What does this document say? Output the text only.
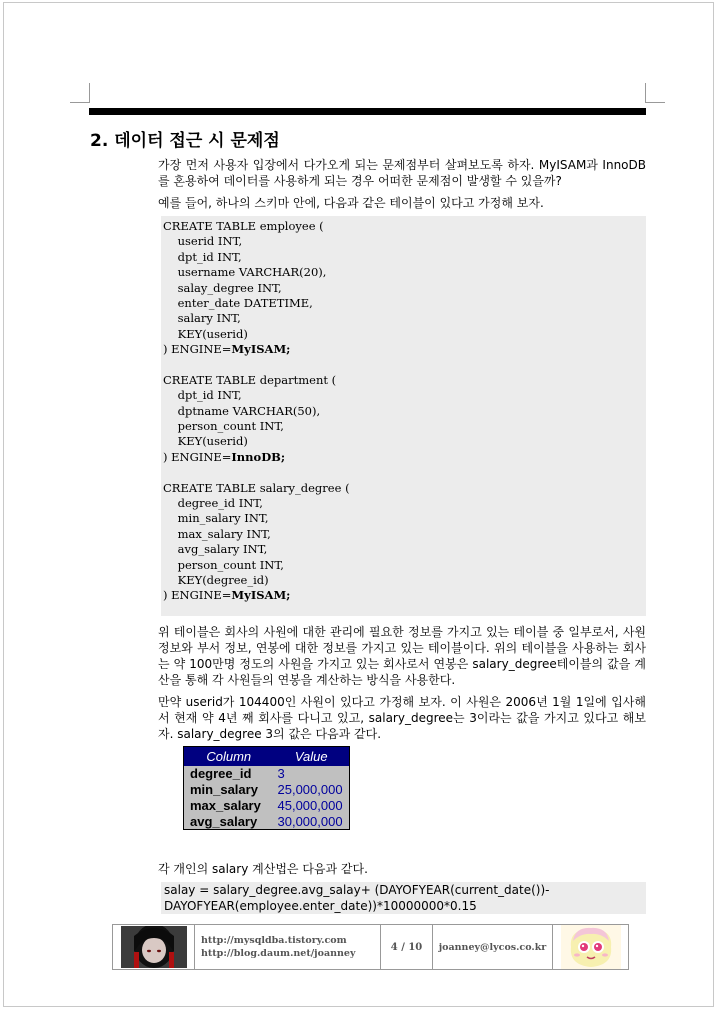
2. 데이터 접근 시 문제점

가장 먼저 사용자 입장에서 다가오게 되는 문제점부터 살펴보도록 하자. MyISAM과 InnoDB를 혼용하여 데이터를 사용하게 되는 경우 어떠한 문제점이 발생할 수 있을까?

예를 들어, 하나의 스키마 안에, 다음과 같은 테이블이 있다고 가정해 보자.

CREATE TABLE employee (
userid INT,
dpt_id INT,
username VARCHAR(20),
salay_degree INT,
enter_date DATETIME,
salary INT,
KEY(userid)
) ENGINE=MyISAM;

CREATE TABLE department (
dpt_id INT,
dptname VARCHAR(50),
person_count INT,
KEY(userid)
) ENGINE=InnoDB;

CREATE TABLE salary_degree (
degree_id INT,
min_salary INT,
max_salary INT,
avg_salary INT,
person_count INT,
KEY(degree_id)
) ENGINE=MyISAM;

위 테이블은 회사의 사원에 대한 관리에 필요한 정보를 가지고 있는 테이블 중 일부로서, 사원정보와 부서 정보, 연봉에 대한 정보를 가지고 있는 테이블이다. 위의 테이블을 사용하는 회사는 약 100만명 정도의 사원을 가지고 있는 회사로서 연봉은 salary_degree테이블의 값을 계산을 통해 각 사원들의 연봉을 계산하는 방식을 사용한다.

만약 userid가 104400인 사원이 있다고 가정해 보자. 이 사원은 2006년 1월 1일에 입사해서 현재 약 4년 째 회사를 다니고 있고, salary_degree는 3이라는 값을 가지고 있다고 해보자. salary_degree 3의 값은 다음과 같다.

Column	Value
degree_id	3
min_salary	25,000,000
max_salary	45,000,000
avg_salary	30,000,000

각 개인의 salary 계산법은 다음과 같다.

salay = salary_degree.avg_salay+ (DAYOFYEAR(current_date())-
DAYOFYEAR(employee.enter_date))*10000000*0.15
http://mysqldba.tistory.com
http://blog.daum.net/joanney
4 / 10	joanney@lycos.co.kr
